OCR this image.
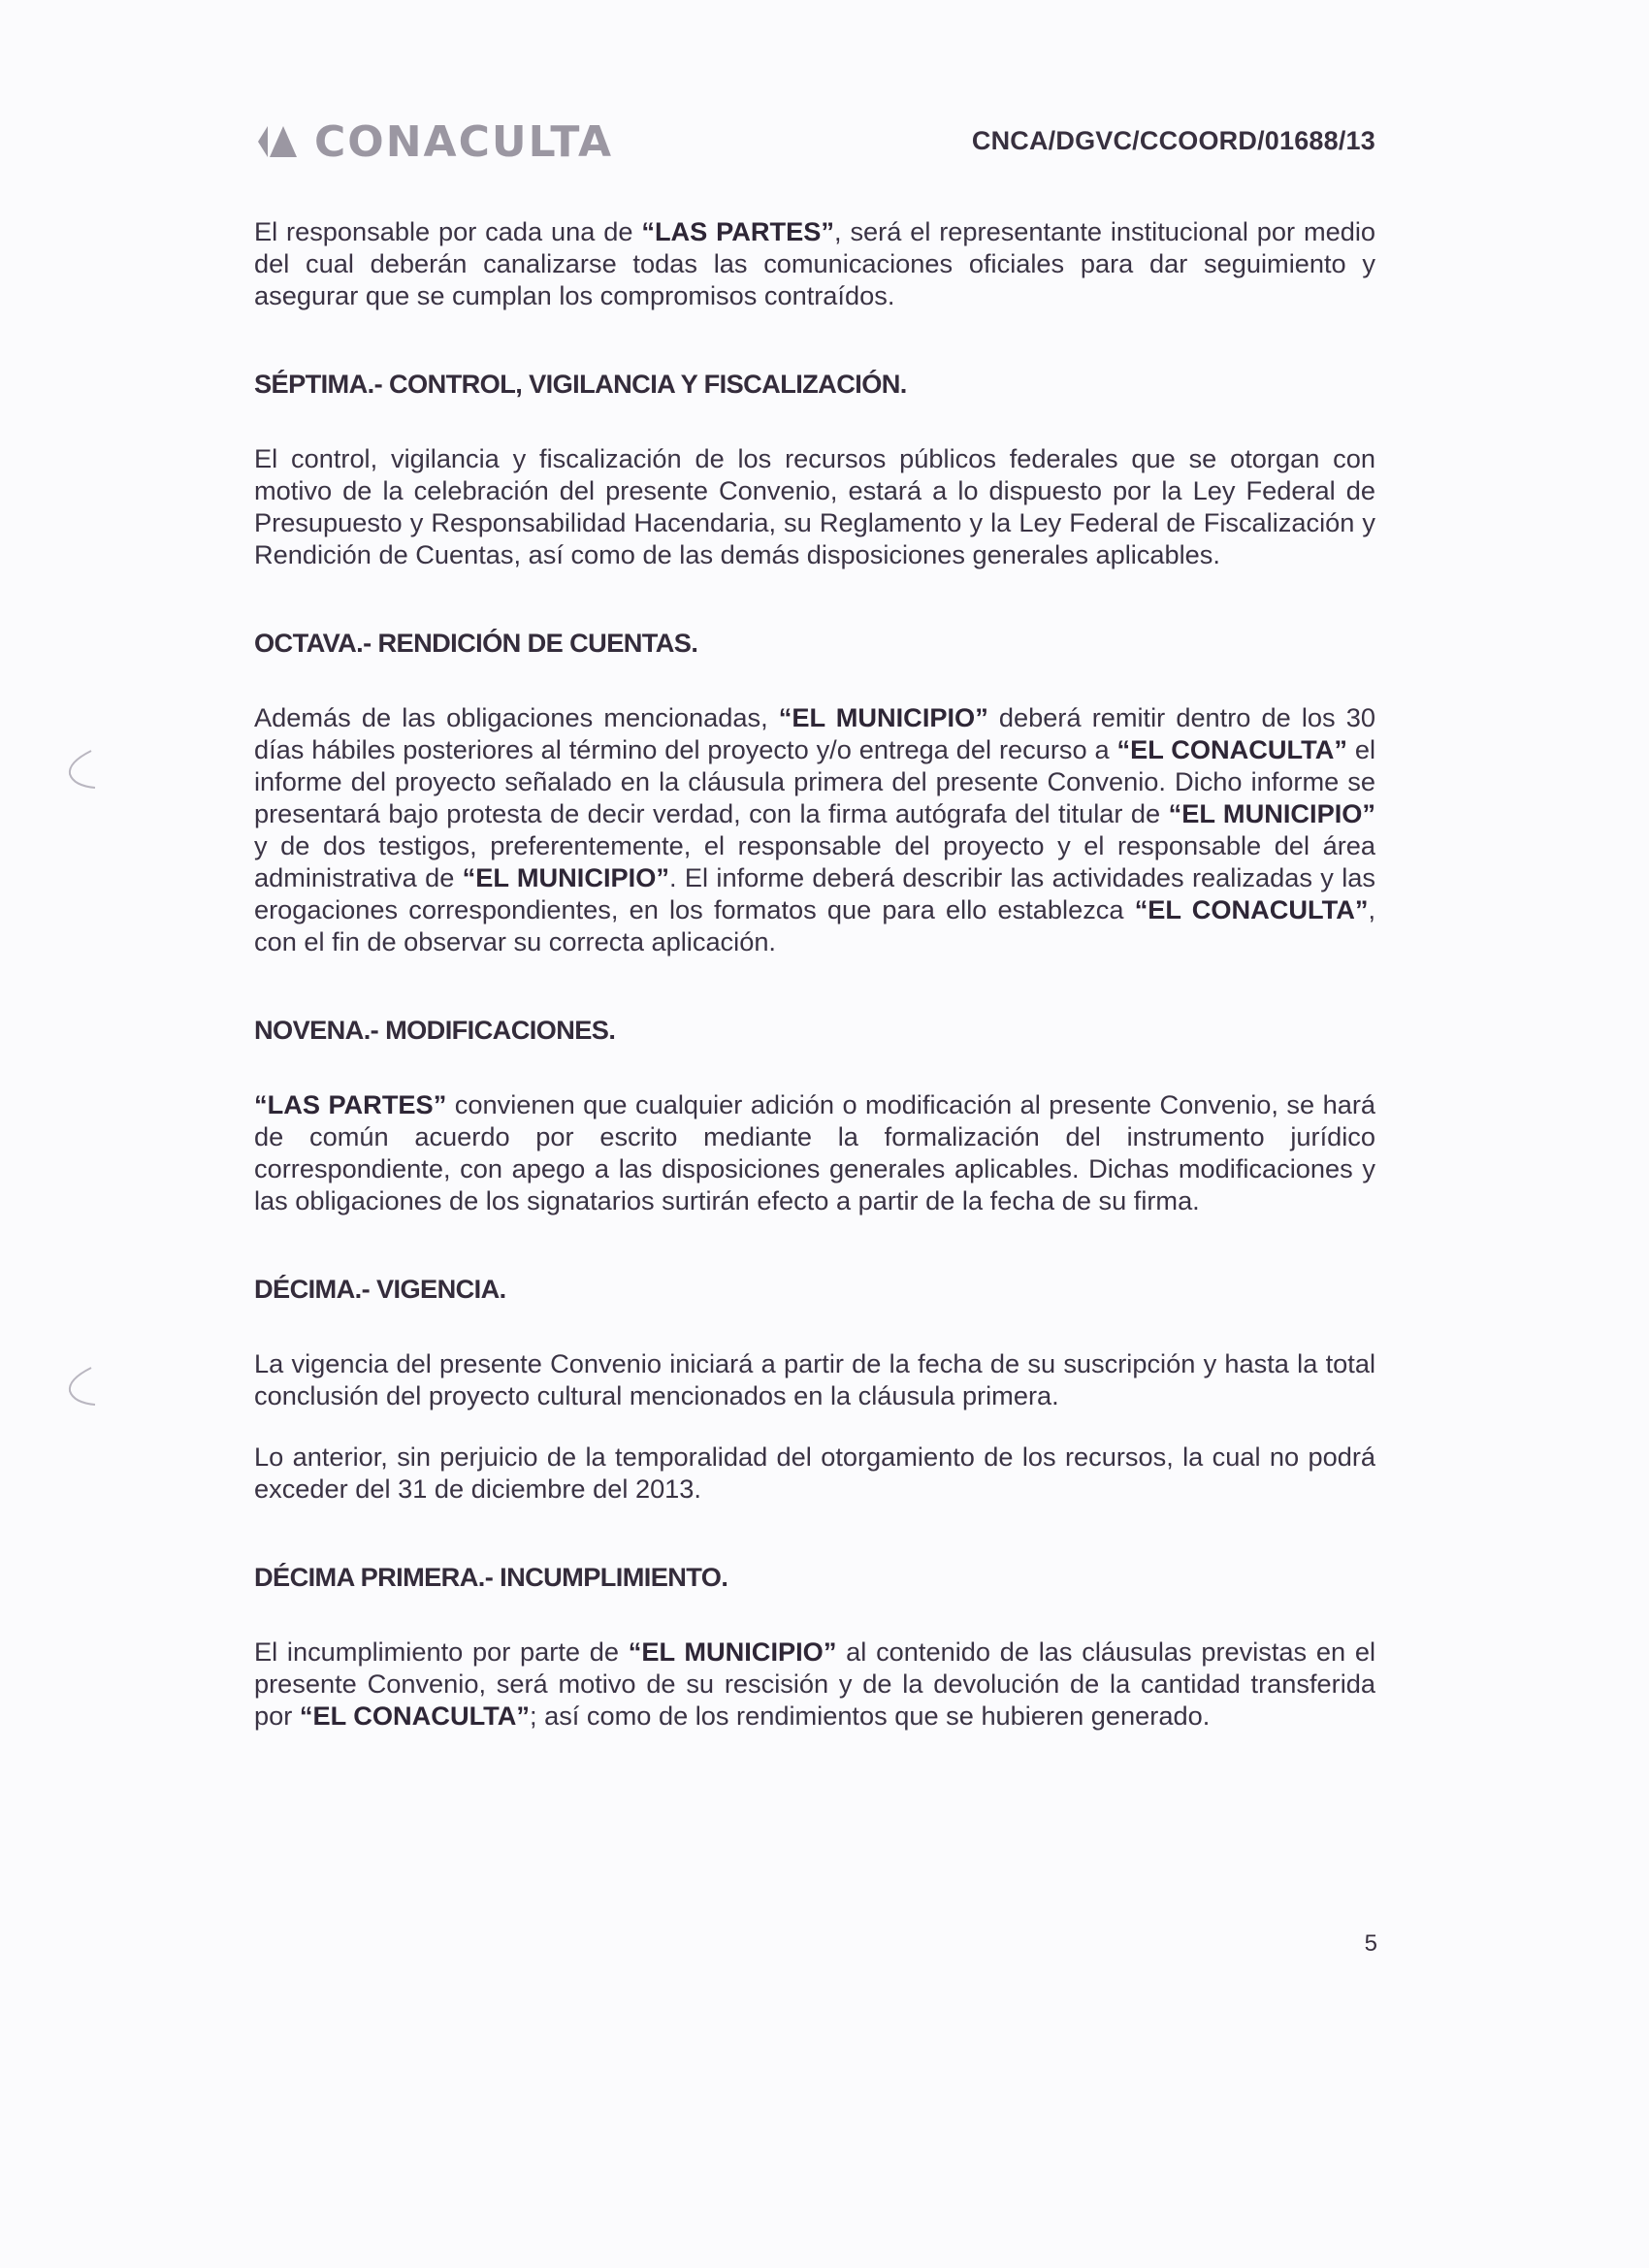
CONACULTA	CNCA/DGVC/CCOORD/01688/13

El responsable por cada una de “LAS PARTES”, será el representante institucional por medio del cual deberán canalizarse todas las comunicaciones oficiales para dar seguimiento y asegurar que se cumplan los compromisos contraídos.

SÉPTIMA.- CONTROL, VIGILANCIA Y FISCALIZACIÓN.

El control, vigilancia y fiscalización de los recursos públicos federales que se otorgan con motivo de la celebración del presente Convenio, estará a lo dispuesto por la Ley Federal de Presupuesto y Responsabilidad Hacendaria, su Reglamento y la Ley Federal de Fiscalización y Rendición de Cuentas, así como de las demás disposiciones generales aplicables.

OCTAVA.- RENDICIÓN DE CUENTAS.

Además de las obligaciones mencionadas, “EL MUNICIPIO” deberá remitir dentro de los 30 días hábiles posteriores al término del proyecto y/o entrega del recurso a “EL CONACULTA” el informe del proyecto señalado en la cláusula primera del presente Convenio. Dicho informe se presentará bajo protesta de decir verdad, con la firma autógrafa del titular de “EL MUNICIPIO” y de dos testigos, preferentemente, el responsable del proyecto y el responsable del área administrativa de “EL MUNICIPIO”. El informe deberá describir las actividades realizadas y las erogaciones correspondientes, en los formatos que para ello establezca “EL CONACULTA”, con el fin de observar su correcta aplicación.

NOVENA.- MODIFICACIONES.

“LAS PARTES” convienen que cualquier adición o modificación al presente Convenio, se hará de común acuerdo por escrito mediante la formalización del instrumento jurídico correspondiente, con apego a las disposiciones generales aplicables. Dichas modificaciones y las obligaciones de los signatarios surtirán efecto a partir de la fecha de su firma.

DÉCIMA.- VIGENCIA.

La vigencia del presente Convenio iniciará a partir de la fecha de su suscripción y hasta la total conclusión del proyecto cultural mencionados en la cláusula primera.

Lo anterior, sin perjuicio de la temporalidad del otorgamiento de los recursos, la cual no podrá exceder del 31 de diciembre del 2013.

DÉCIMA PRIMERA.- INCUMPLIMIENTO.

El incumplimiento por parte de “EL MUNICIPIO” al contenido de las cláusulas previstas en el presente Convenio, será motivo de su rescisión y de la devolución de la cantidad transferida por “EL CONACULTA”; así como de los rendimientos que se hubieren generado.

5
